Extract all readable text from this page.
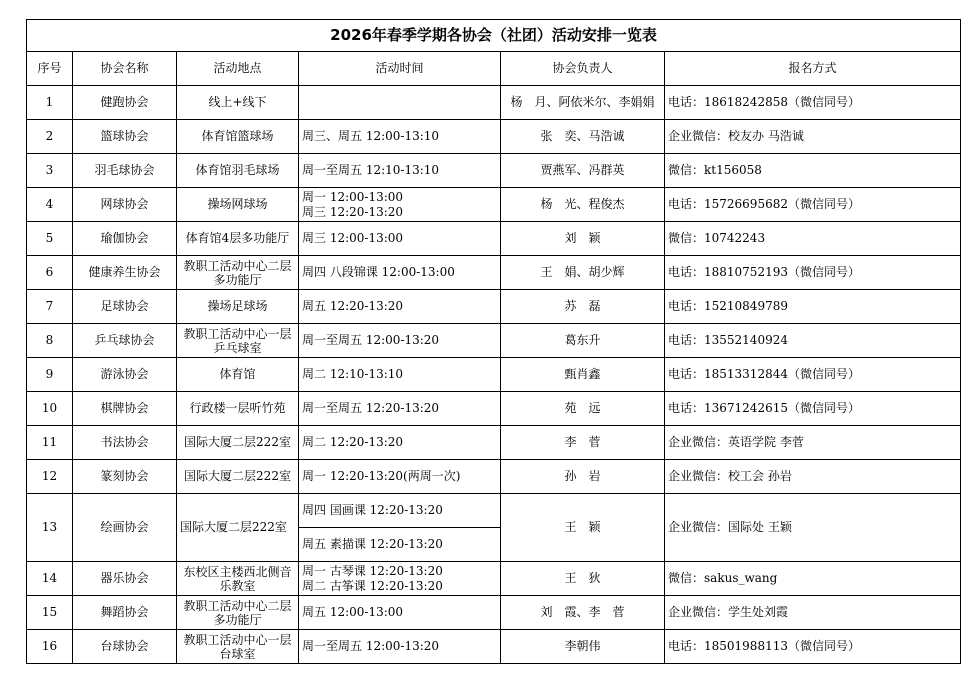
2026年春季学期各协会（社团）活动安排一览表					
序号	协会名称	活动地点	活动时间	协会负责人	报名方式
1	健跑协会	线上+线下		杨　月、阿依米尔、李娟娟	电话：18618242858（微信同号）
2	篮球协会	体育馆篮球场	周三、周五 12:00-13:10	张　奕、马浩诚	企业微信：校友办 马浩诚
3	羽毛球协会	体育馆羽毛球场	周一至周五 12:10-13:10	贾燕军、冯群英	微信：kt156058
4	网球协会	操场网球场	周一 12:00-13:00
周三 12:20-13:20	杨　光、程俊杰	电话：15726695682（微信同号）
5	瑜伽协会	体育馆4层多功能厅	周三 12:00-13:00	刘　颖	微信：10742243
6	健康养生协会	教职工活动中心二层多功能厅	周四 八段锦课 12:00-13:00	王　娟、胡少辉	电话：18810752193（微信同号）
7	足球协会	操场足球场	周五 12:20-13:20	苏　磊	电话：15210849789
8	乒乓球协会	教职工活动中心一层乒乓球室	周一至周五 12:00-13:20	葛东升	电话：13552140924
9	游泳协会	体育馆	周二 12:10-13:10	甄肖鑫	电话：18513312844（微信同号）
10	棋牌协会	行政楼一层听竹苑	周一至周五 12:20-13:20	苑　远	电话：13671242615（微信同号）
11	书法协会	国际大厦二层222室	周二 12:20-13:20	李　菅	企业微信：英语学院 李菅
12	篆刻协会	国际大厦二层222室	周一 12:20-13:20(两周一次)	孙　岩	企业微信：校工会 孙岩
13	绘画协会	国际大厦二层222室	周四 国画课 12:20-13:20	王　颖	企业微信：国际处 王颖
			周五 素描课 12:20-13:20		
14	器乐协会	东校区主楼西北侧音乐教室	周一 古琴课 12:20-13:20
周二 古筝课 12:20-13:20	王　狄	微信：sakus_wang
15	舞蹈协会	教职工活动中心二层多功能厅	周五 12:00-13:00	刘　霞、李　菅	企业微信：学生处刘霞
16	台球协会	教职工活动中心一层台球室	周一至周五 12:00-13:20	李朝伟	电话：18501988113（微信同号）
